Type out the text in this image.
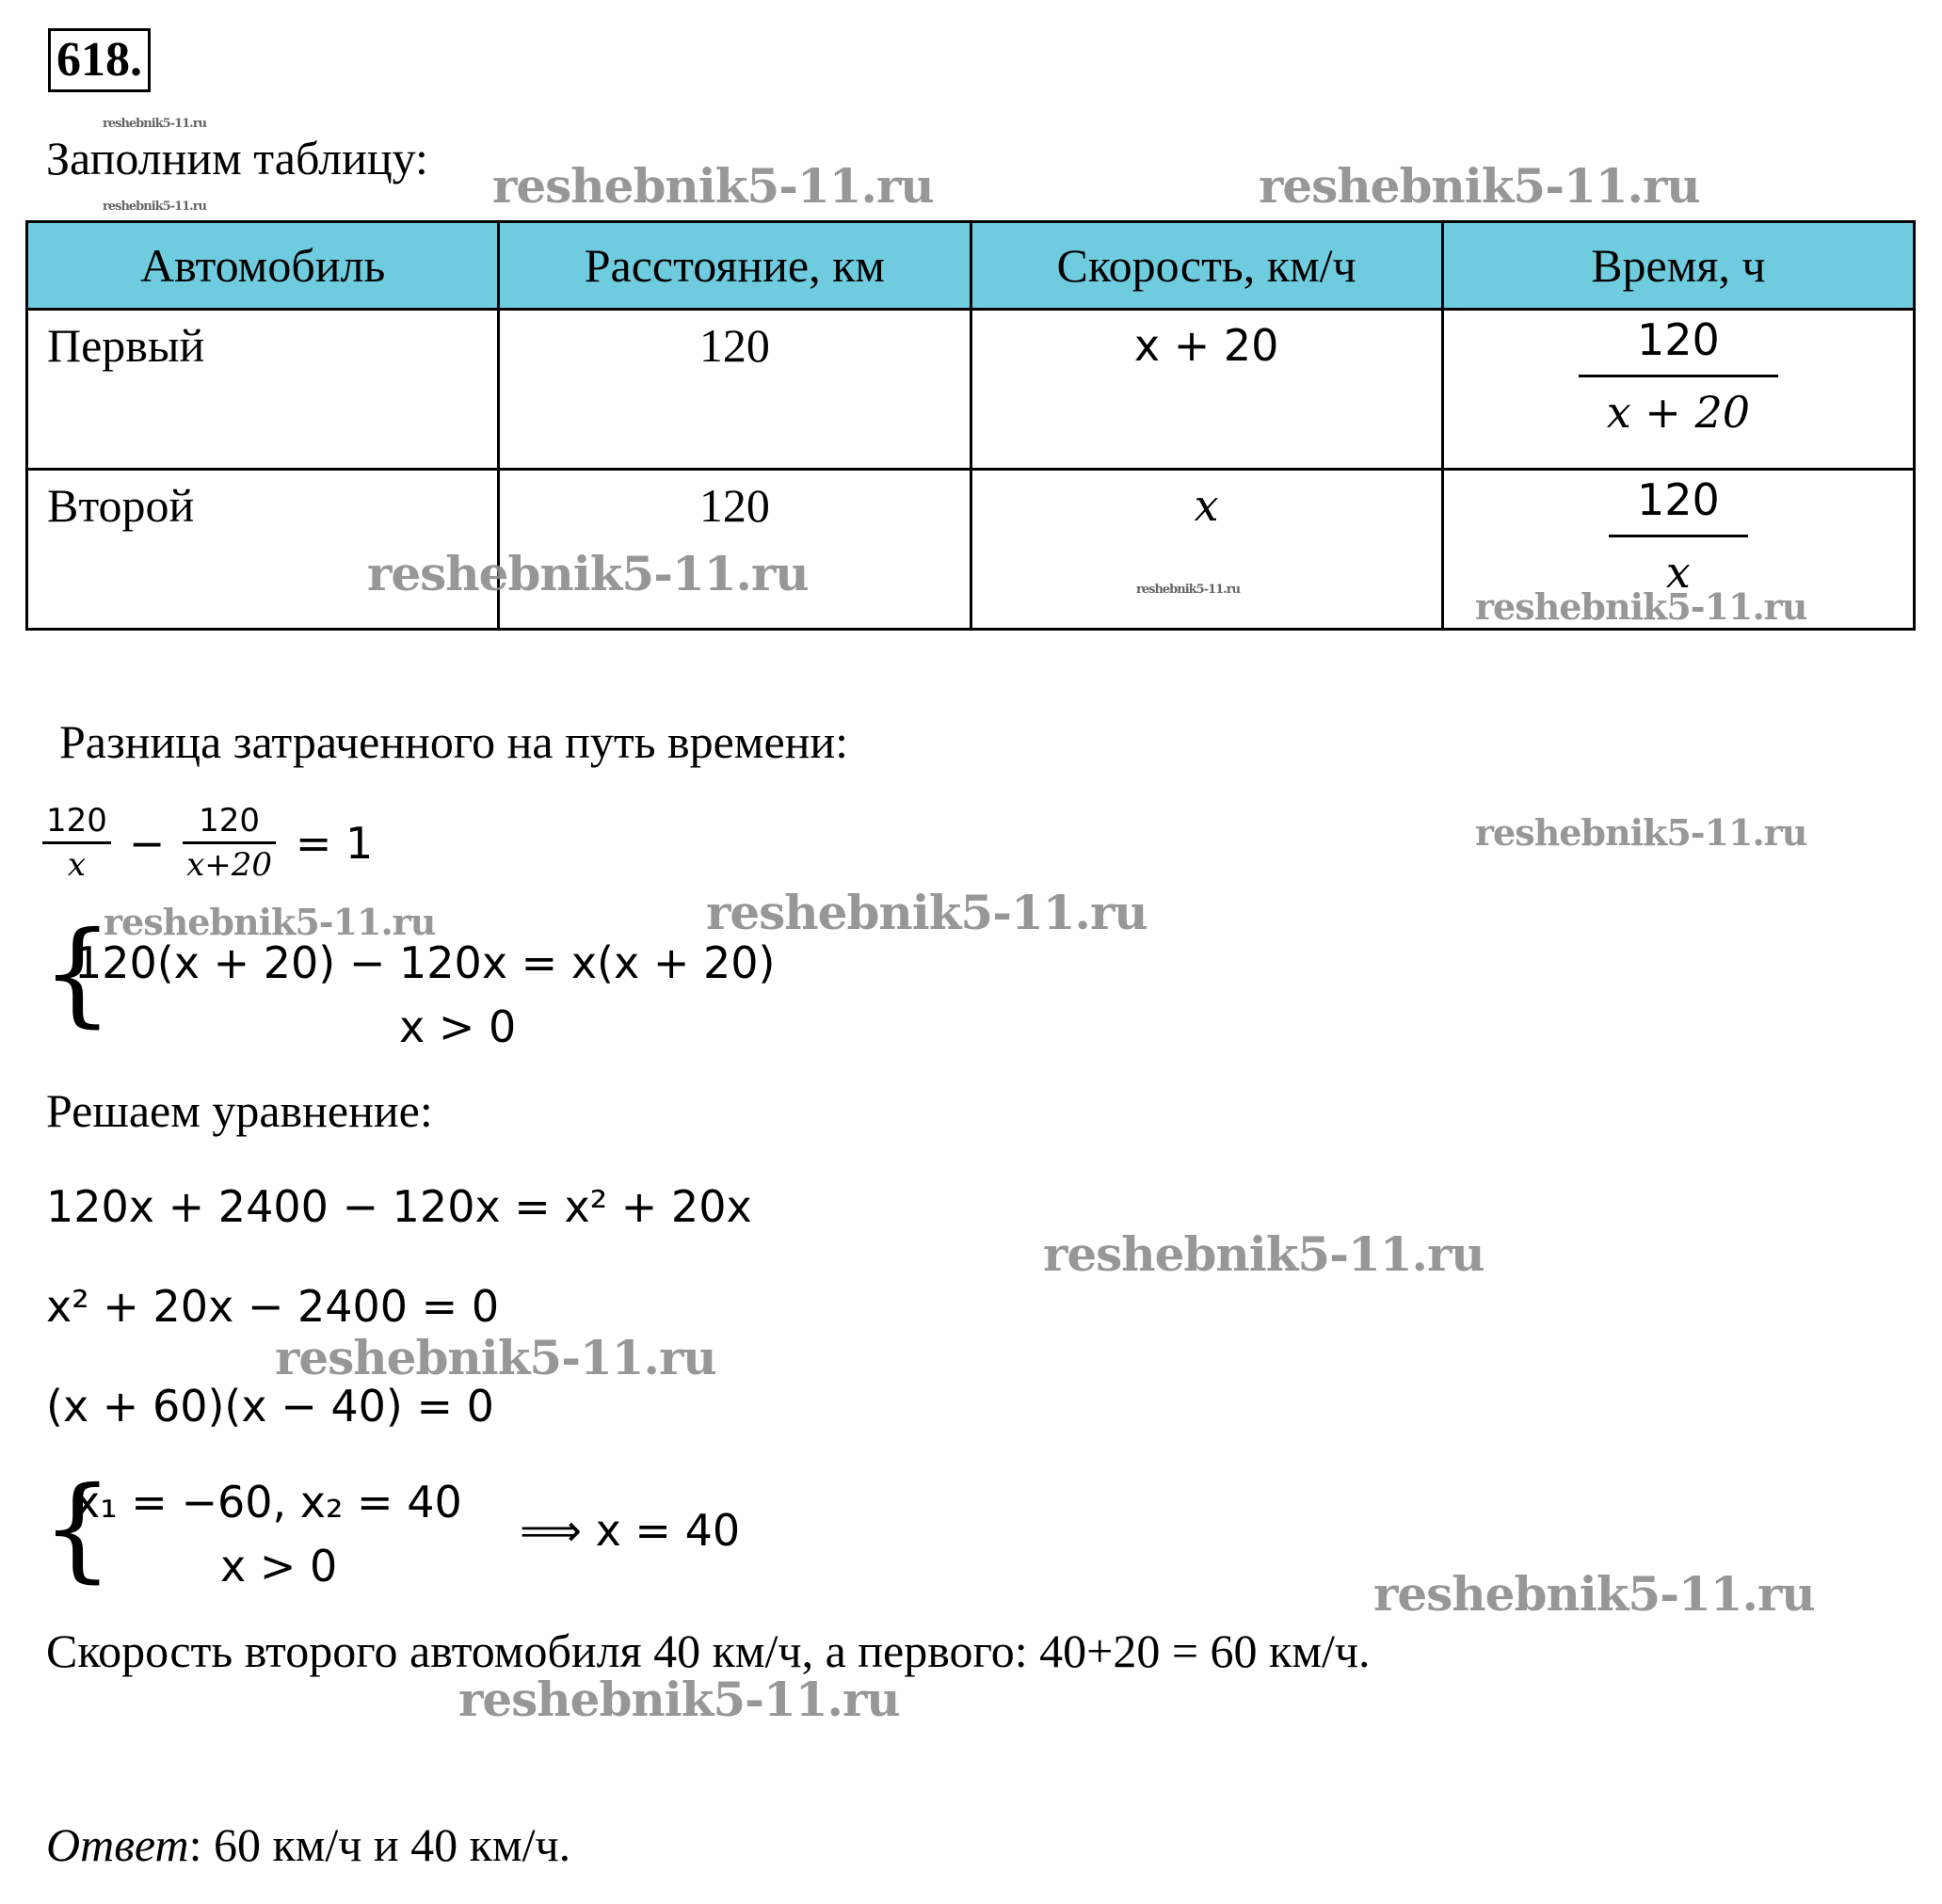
618.
Заполним таблицу:
Автомобиль	Расстояние, км	Скорость, км/ч	Время, ч
Первый	120	x + 20	$\frac{120}{x + 20}$

Второй	120	x	$\frac{120}{x}$
Разница затраченного на путь времени:
$\frac{120}{x} - \frac{120}{x+20} = 1$
{
120(x + 20) − 120x = x(x + 20)
x > 0
Решаем уравнение:
120x + 2400 − 120x = x² + 20x
x² + 20x − 2400 = 0
(x + 60)(x − 40) = 0
{
x₁ = −60, x₂ = 40
x > 0
⟹ x = 40
Скорость второго автомобиля 40 км/ч, а первого: 40+20 = 60 км/ч.
Ответ: 60 км/ч и 40 км/ч.
reshebnik5-11.ru	reshebnik5-11.ru
reshebnik5-11.ru
reshebnik5-11.ru
reshebnik5-11.ru	reshebnik5-11.ru	reshebnik5-11.ru
reshebnik5-11.ru
reshebnik5-11.ru
reshebnik5-11.ru
reshebnik5-11.ru
reshebnik5-11.ru
reshebnik5-11.ru
reshebnik5-11.ru
